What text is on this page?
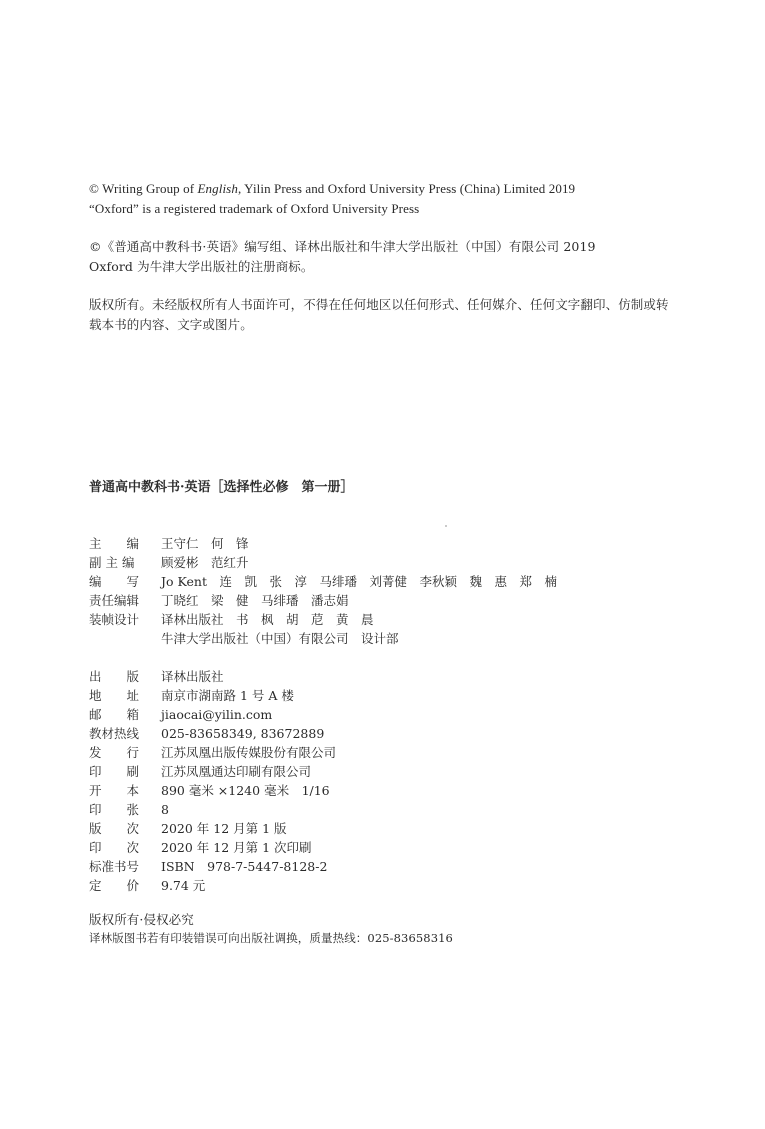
© Writing Group of English, Yilin Press and Oxford University Press (China) Limited 2019
“Oxford” is a registered trademark of Oxford University Press
©《普通高中教科书·英语》编写组、译林出版社和牛津大学出版社（中国）有限公司 2019
Oxford 为牛津大学出版社的注册商标。
版权所有。未经版权所有人书面许可，不得在任何地区以任何形式、任何媒介、任何文字翻印、仿制或转载本书的内容、文字或图片。
普通高中教科书·英语［选择性必修　第一册］
主　　编	王守仁　何　锋
副 主 编	顾爱彬　范红升
编　　写	Jo Kent　连　凯　张　淳　马绯璠　刘菁健　李秋颖　魏　惠　郑　楠
责任编辑	丁晓红　梁　健　马绯璠　潘志娟
装帧设计	译林出版社　书　枫　胡　苨　黄　晨
牛津大学出版社（中国）有限公司　设计部
出　　版	译林出版社
地　　址	南京市湖南路 1 号 A 楼
邮　　箱	jiaocai@yilin.com
教材热线	025-83658349, 83672889
发　　行	江苏凤凰出版传媒股份有限公司
印　　刷	江苏凤凰通达印刷有限公司
开　　本	890 毫米 ×1240 毫米　1/16
印　　张	8
版　　次	2020 年 12 月第 1 版
印　　次	2020 年 12 月第 1 次印刷
标准书号	ISBN　978-7-5447-8128-2
定　　价	9.74 元
版权所有·侵权必究
译林版图书若有印装错误可向出版社调换，质量热线：025-83658316
